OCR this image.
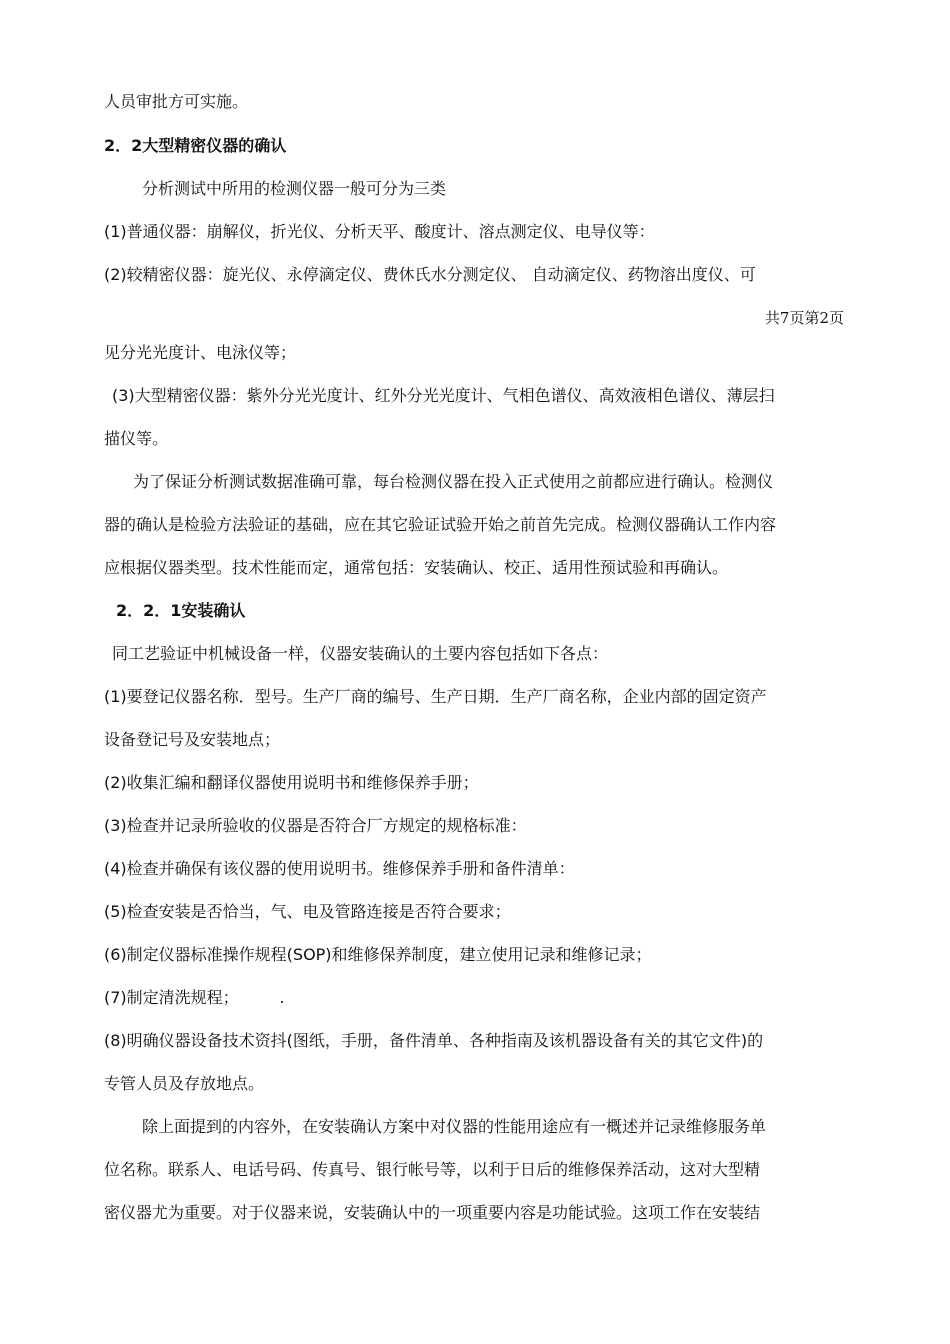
人员审批方可实施。
2．2大型精密仪器的确认
分析测试中所用的检测仪器一般可分为三类
(1)普通仪器：崩解仪，折光仪、分析天平、酸度计、溶点测定仪、电导仪等：
(2)较精密仪器：旋光仪、永停滴定仪、费休氏水分测定仪、 自动滴定仪、药物溶出度仪、可
共7页第2页
见分光光度计、电泳仪等；
(3)大型精密仪器：紫外分光光度计、红外分光光度计、气相色谱仪、高效液相色谱仪、薄层扫
描仪等。
为了保证分析测试数据准确可靠，每台检测仪器在投入正式使用之前都应进行确认。检测仪
器的确认是检验方法验证的基础，应在其它验证试验开始之前首先完成。检测仪器确认工作内容
应根据仪器类型。技术性能而定，通常包括：安装确认、校正、适用性预试验和再确认。
2．2．1安装确认
同工艺验证中机械设备一样，仪器安装确认的土要内容包括如下各点：
(1)要登记仪器名称．型号。生产厂商的编号、生产日期．生产厂商名称，企业内部的固定资产
设备登记号及安装地点；
(2)收集汇编和翻译仪器使用说明书和维修保养手册；
(3)检查并记录所验收的仪器是否符合厂方规定的规格标准：
(4)检查并确保有该仪器的使用说明书。维修保养手册和备件清单：
(5)检查安装是否恰当，气、电及管路连接是否符合要求；
(6)制定仪器标准操作规程(SOP)和维修保养制度，建立使用记录和维修记录；
(7)制定清洗规程；        .
(8)明确仪器设备技术资抖(图纸，手册，备件清单、各种指南及该机器设备有关的其它文件)的
专管人员及存放地点。
除上面提到的内容外，在安装确认方案中对仪器的性能用途应有一概述并记录维修服务单
位名称。联系人、电话号码、传真号、银行帐号等，以利于日后的维修保养活动，这对大型精
密仪器尤为重要。对于仪器来说，安装确认中的一项重要内容是功能试验。这项工作在安装结
